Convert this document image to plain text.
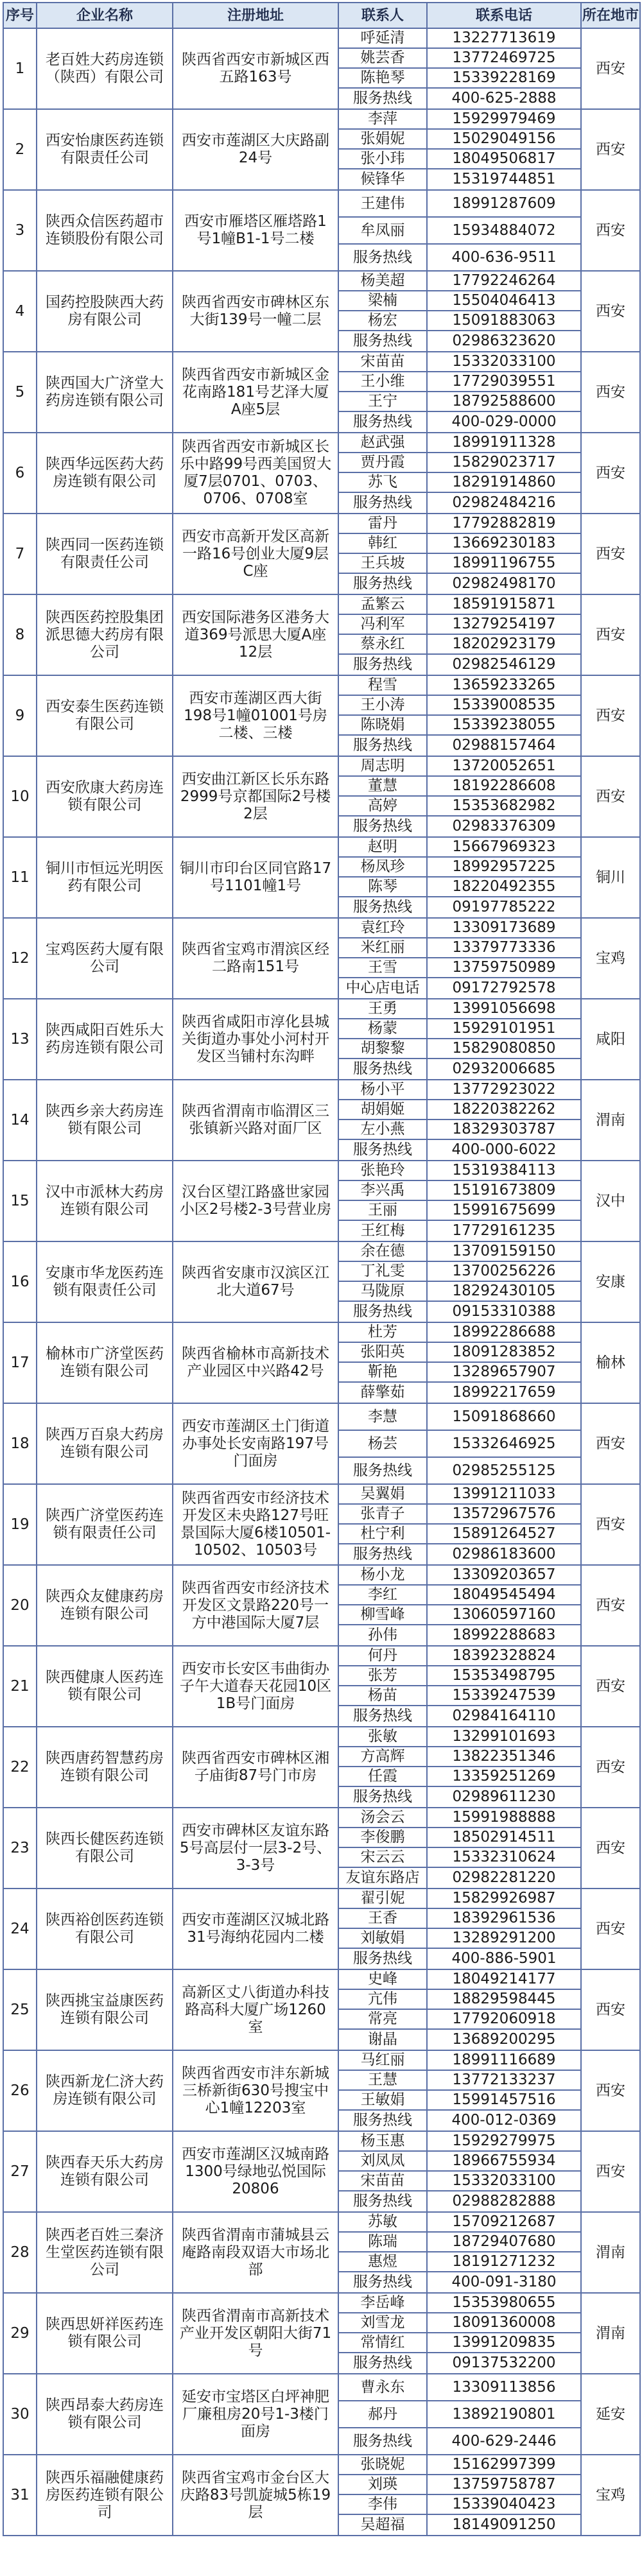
序号	企业名称	注册地址	联系人	联系电话	所在地市
1	老百姓大药房连锁（陕西）有限公司	陕西省西安市新城区西五路163号	呼延清	13227713619	西安
			姚芸香	13772469725	
			陈艳琴	15339228169	
			服务热线	400-625-2888	
2	西安怡康医药连锁有限责任公司	西安市莲湖区大庆路副24号	李萍	15929979469	西安
			张娟妮	15029049156	
			张小玮	18049506817	
			候锋华	15319744851	
3	陕西众信医药超市连锁股份有限公司	西安市雁塔区雁塔路1号1幢B1-1号二楼	王建伟	18991287609	西安
			牟凤丽	15934884072	
			服务热线	400-636-9511	
4	国药控股陕西大药房有限公司	陕西省西安市碑林区东大街139号一幢二层	杨美超	17792246264	西安
			梁楠	15504046413	
			杨宏	15091883063	
			服务热线	02986323620	
5	陕西国大广济堂大药房连锁有限公司	陕西省西安市新城区金花南路181号艺泽大厦A座5层	宋苗苗	15332033100	西安
			王小维	17729039551	
			王宁	18792588600	
			服务热线	400-029-0000	
6	陕西华远医药大药房连锁有限公司	陕西省西安市新城区长乐中路99号西美国贸大厦7层0701、0703、0706、0708室	赵武强	18991911328	西安
			贾丹霞	15829023717	
			苏飞	18291914860	
			服务热线	02982484216	
7	陕西同一医药连锁有限责任公司	西安市高新开发区高新一路16号创业大厦9层C座	雷丹	17792882819	西安
			韩红	13669230183	
			王兵坡	18991196755	
			服务热线	02982498170	
8	陕西医药控股集团派思德大药房有限公司	西安国际港务区港务大道369号派思大厦A座12层	孟繁云	18591915871	西安
			冯利军	13279254197	
			蔡永红	18202923179	
			服务热线	02982546129	
9	西安泰生医药连锁有限公司	西安市莲湖区西大街198号1幢01001号房二楼、三楼	程雪	13659233265	西安
			王小涛	15339008535	
			陈晓娟	15339238055	
			服务热线	02988157464	
10	西安欣康大药房连锁有限公司	西安曲江新区长乐东路2999号京都国际2号楼2层	周志明	13720052651	西安
			董慧	18192286608	
			高婷	15353682982	
			服务热线	02983376309	
11	铜川市恒远光明医药有限公司	铜川市印台区同官路17号1101幢1号	赵明	15667969323	铜川
			杨凤珍	18992957225	
			陈琴	18220492355	
			服务热线	09197785222	
12	宝鸡医药大厦有限公司	陕西省宝鸡市渭滨区经二路南151号	袁红玲	13309173689	宝鸡
			米红丽	13379773336	
			王雪	13759750989	
			中心店电话	09172792578	
13	陕西咸阳百姓乐大药房连锁有限公司	陕西省咸阳市淳化县城关街道办事处小河村开发区当铺村东沟畔	王勇	13991056698	咸阳
			杨蒙	15929101951	
			胡黎黎	15829080850	
			服务热线	02932006685	
14	陕西乡亲大药房连锁有限公司	陕西省渭南市临渭区三张镇新兴路对面厂区	杨小平	13772923022	渭南
			胡娟姬	18220382262	
			左小燕	18329303787	
			服务热线	400-000-6022	
15	汉中市派林大药房连锁有限公司	汉台区望江路盛世家园小区2号楼2-3号营业房	张艳玲	15319384113	汉中
			李兴禹	15191673809	
			王丽	15991675699	
			王红梅	17729161235	
16	安康市华龙医药连锁有限责任公司	陕西省安康市汉滨区江北大道67号	余在德	13709159150	安康
			丁礼雯	13700256226	
			马陇原	18292430105	
			服务热线	09153310388	
17	榆林市广济堂医药连锁有限公司	陕西省榆林市高新技术产业园区中兴路42号	杜芳	18992286688	榆林
			张阳英	18091283852	
			靳艳	13289657907	
			薛擎茹	18992217659	
18	陕西万百泉大药房连锁有限公司	西安市莲湖区土门街道办事处长安南路197号门面房	李慧	15091868660	西安
			杨芸	15332646925	
			服务热线	02985255125	
19	陕西广济堂医药连锁有限责任公司	陕西省西安市经济技术开发区未央路127号旺景国际大厦6楼10501-10502、10503号	吴翼娟	13991211033	西安
			张青子	13572967576	
			杜宁利	15891264527	
			服务热线	02986183600	
20	陕西众友健康药房连锁有限公司	陕西省西安市经济技术开发区文景路220号一方中港国际大厦7层	杨小龙	13309203657	西安
			李红	18049545494	
			柳雪峰	13060597160	
			孙伟	18992288683	
21	陕西健康人医药连锁有限公司	西安市长安区韦曲街办子午大道春天花园10区1B号门面房	何丹	18392328824	西安
			张芳	15353498795	
			杨苗	15339247539	
			服务热线	02984164110	
22	陕西唐药智慧药房连锁有限公司	陕西省西安市碑林区湘子庙街87号门市房	张敏	13299101693	西安
			方高辉	13822351346	
			任霞	13359251269	
			服务热线	02989611230	
23	陕西长健医药连锁有限公司	西安市碑林区友谊东路5号高层付一层3-2号、3-3号	汤会云	15991988888	西安
			李俊鹏	18502914511	
			宋云云	15332310624	
			友谊东路店	02982281220	
24	陕西裕创医药连锁有限公司	西安市莲湖区汉城北路31号海纳花园内二楼	翟引妮	15829926987	西安
			王香	18392961536	
			刘敏娟	13289291200	
			服务热线	400-886-5901	
25	陕西挑宝益康医药连锁有限公司	高新区丈八街道办科技路高科大厦广场1260室	史峰	18049214177	西安
			亢伟	18829598445	
			常亮	17792060918	
			谢晶	13689200295	
26	陕西新龙仁济大药房连锁有限公司	陕西省西安市沣东新城三桥新街630号搜宝中心1幢12203室	马红丽	18991116689	西安
			王慧	13772133237	
			王敏娟	15991457516	
			服务热线	400-012-0369	
27	陕西春天乐大药房连锁有限公司	西安市莲湖区汉城南路1300号绿地弘悦国际20806	杨玉惠	15929279975	西安
			刘凤凤	18966755934	
			宋苗苗	15332033100	
			服务热线	02988282888	
28	陕西老百姓三秦济生堂医药连锁有限公司	陕西省渭南市蒲城县云庵路南段双语大市场北部	苏敏	15709212687	渭南
			陈瑞	18729407680	
			惠煜	18191271232	
			服务热线	400-091-3180	
29	陕西思妍祥医药连锁有限公司	陕西省渭南市高新技术产业开发区朝阳大街71号	李岳峰	15353980655	渭南
			刘雪龙	18091360008	
			常情红	13991209835	
			服务热线	09137532200	
30	陕西昂泰大药房连锁有限公司	延安市宝塔区白坪神肥厂廉租房20号1-3楼门面房	曹永东	13309113856	延安
			郝丹	13892190801	
			服务热线	400-629-2446	
31	陕西乐福融健康药房医药连锁有限公司	陕西省宝鸡市金台区大庆路83号凯旋城5栋19层	张晓妮	15162997399	宝鸡
			刘瑛	13759758787	
			李伟	15339040423	
			吴超福	18149091250	
